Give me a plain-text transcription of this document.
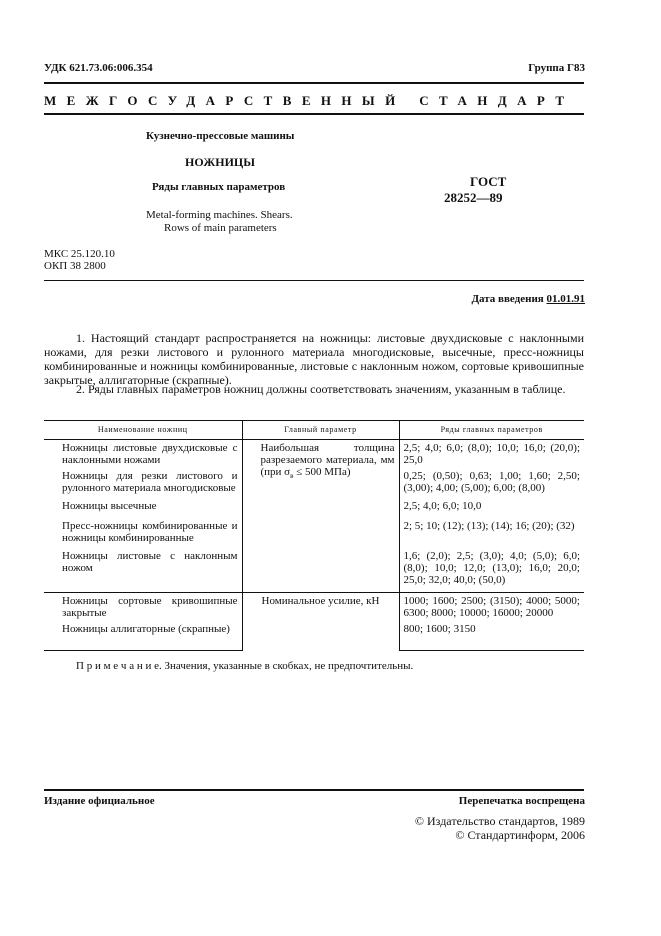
УДК 621.73.06:006.354	Группа Г83
МЕЖГОСУДАРСТВЕННЫЙ СТАНДАРТ
Кузнечно-прессовые машины
НОЖНИЦЫ
Ряды главных параметров
Metal-forming machines. Shears.
Rows of main parameters
ГОСТ
28252—89
МКС 25.120.10
ОКП 38 2800
Дата введения 01.01.91
1. Настоящий стандарт распространяется на ножницы: листовые двухдисковые с наклонными ножами, для резки листового и рулонного материала многодисковые, высечные, пресс-ножницы комбинированные и ножницы комбинированные, листовые с наклонным ножом, сортовые кривошипные закрытые, аллигаторные (скрапные).
2. Ряды главных параметров ножниц должны соответствовать значениям, указанным в таблице.
Наименование ножниц	Главный параметр	Ряды главных параметров
Ножницы листовые двухдисковые с наклонными ножами	Наибольшая толщина разрезаемого материала, мм (при $\sigma_в \le 500$ МПа)	2,5; 4,0; 6,0; (8,0); 10,0; 16,0; (20,0); 25,0
Ножницы для резки листового и рулонного материала многодисковые		0,25; (0,50); 0,63; 1,00; 1,60; 2,50; (3,00); 4,00; (5,00); 6,00; (8,00)
Ножницы высечные		2,5; 4,0; 6,0; 10,0
Пресс-ножницы комбинированные и ножницы комбинированные		2; 5; 10; (12); (13); (14); 16; (20); (32)
Ножницы листовые с наклонным ножом		1,6; (2,0); 2,5; (3,0); 4,0; (5,0); 6,0; (8,0); 10,0; 12,0; (13,0); 16,0; 20,0; 25,0; 32,0; 40,0; (50,0)
Ножницы сортовые кривошипные закрытые	Номинальное усилие, кН	1000; 1600; 2500; (3150); 4000; 5000; 6300; 8000; 10000; 16000; 20000
Ножницы аллигаторные (скрапные)		800; 1600; 3150
П р и м е ч а н и е. Значения, указанные в скобках, не предпочтительны.
Издание официальное	Перепечатка воспрещена
© Издательство стандартов, 1989
© Стандартинформ, 2006
